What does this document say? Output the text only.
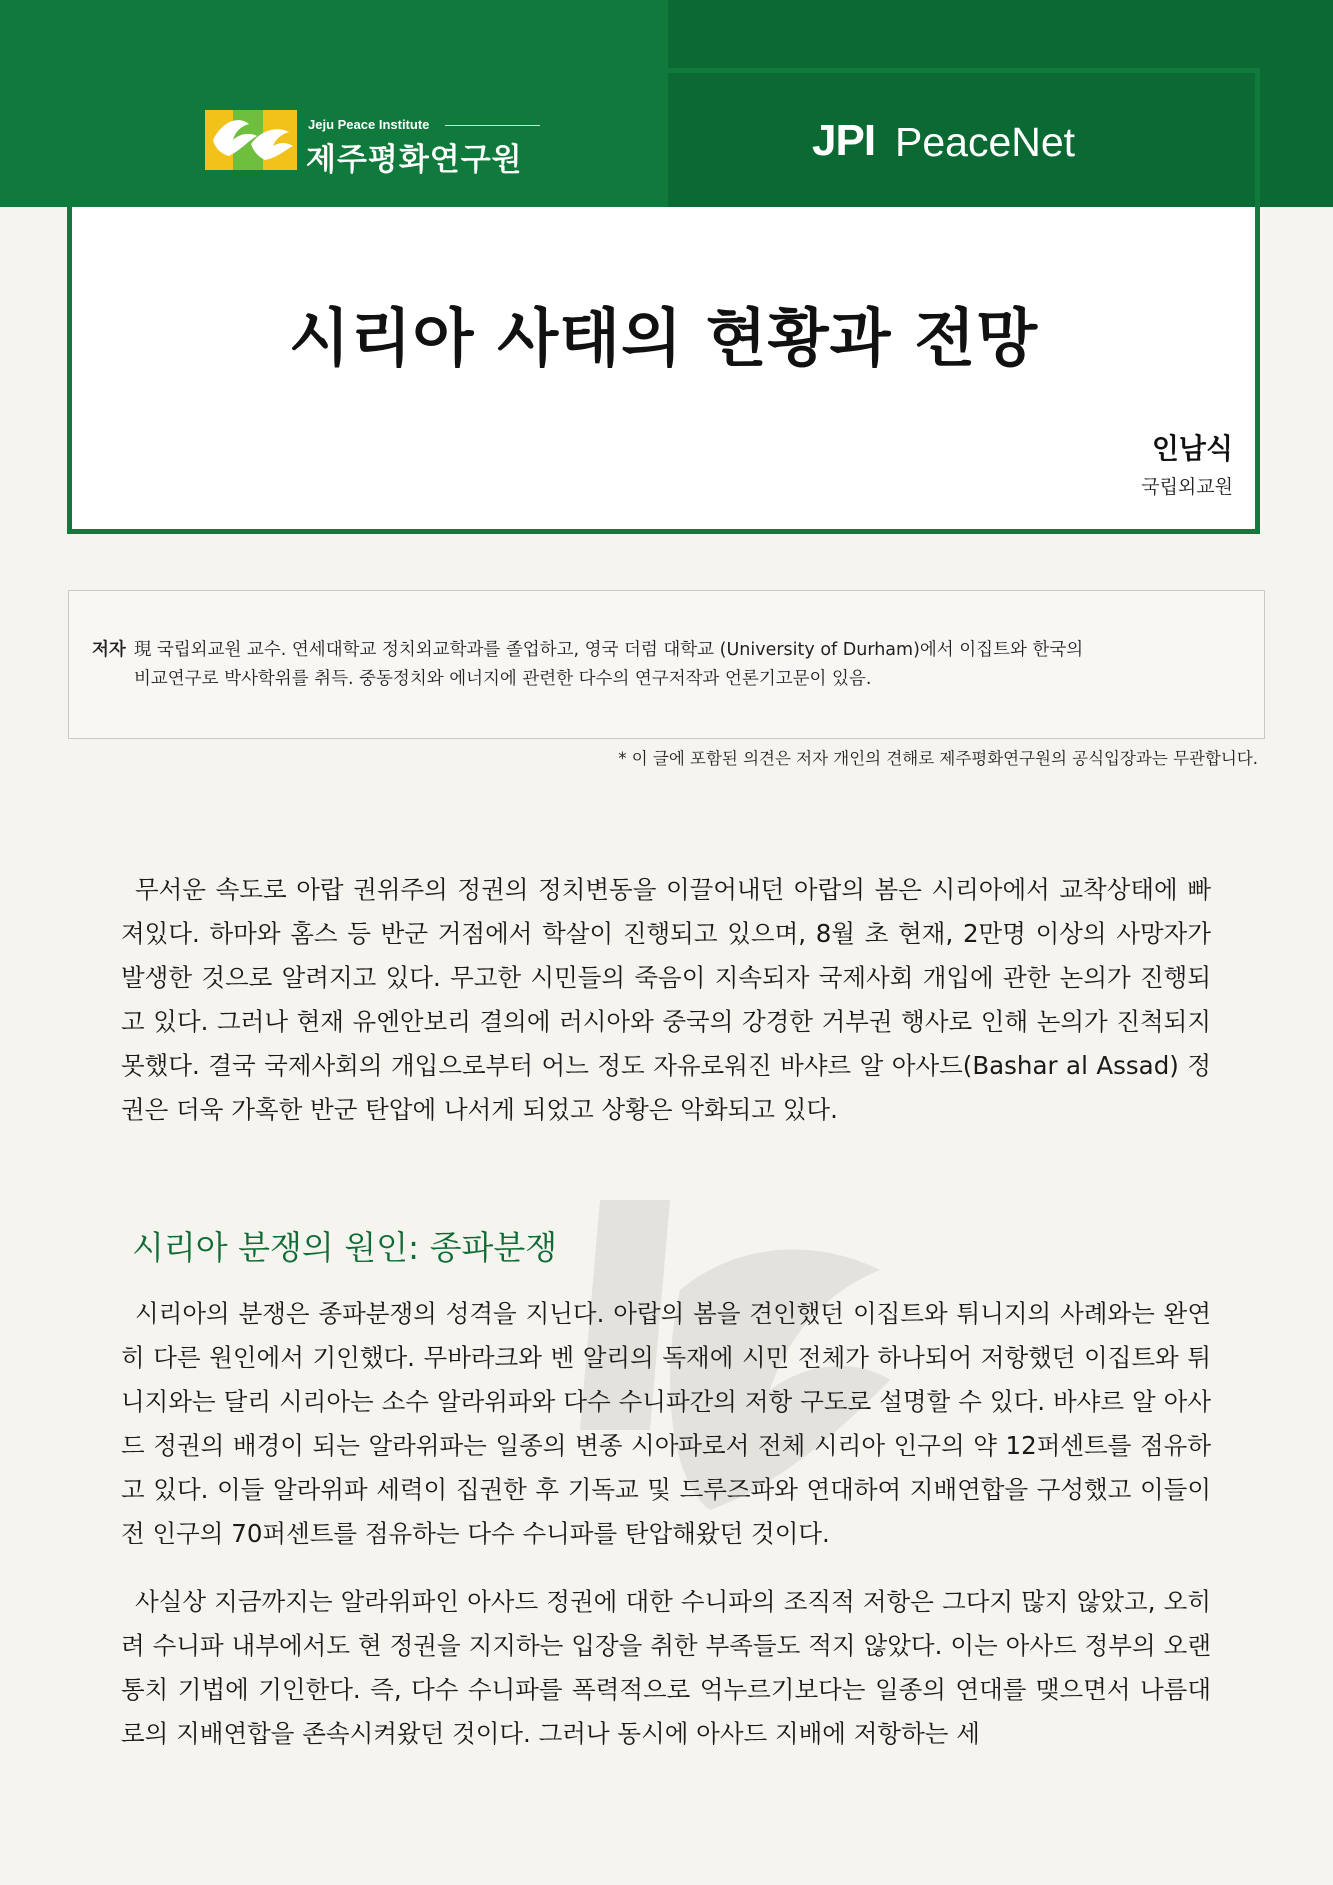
Jeju Peace Institute
제주평화연구원	JPI PeaceNet
시리아 사태의 현황과 전망
인남식
국립외교원
저자 現 국립외교원 교수. 연세대학교 정치외교학과를 졸업하고, 영국 더럼 대학교 (University of Durham)에서 이집트와 한국의
비교연구로 박사학위를 취득. 중동정치와 에너지에 관련한 다수의 연구저작과 언론기고문이 있음.
* 이 글에 포함된 의견은 저자 개인의 견해로 제주평화연구원의 공식입장과는 무관합니다.

무서운 속도로 아랍 권위주의 정권의 정치변동을 이끌어내던 아랍의 봄은 시리아에서 교착상태에 빠져있다. 하마와 홈스 등 반군 거점에서 학살이 진행되고 있으며, 8월 초 현재, 2만명 이상의 사망자가 발생한 것으로 알려지고 있다. 무고한 시민들의 죽음이 지속되자 국제사회 개입에 관한 논의가 진행되고 있다. 그러나 현재 유엔안보리 결의에 러시아와 중국의 강경한 거부권 행사로 인해 논의가 진척되지 못했다. 결국 국제사회의 개입으로부터 어느 정도 자유로워진 바샤르 알 아사드(Bashar al Assad) 정권은 더욱 가혹한 반군 탄압에 나서게 되었고 상황은 악화되고 있다.

시리아 분쟁의 원인: 종파분쟁

시리아의 분쟁은 종파분쟁의 성격을 지닌다. 아랍의 봄을 견인했던 이집트와 튀니지의 사례와는 완연히 다른 원인에서 기인했다. 무바라크와 벤 알리의 독재에 시민 전체가 하나되어 저항했던 이집트와 튀니지와는 달리 시리아는 소수 알라위파와 다수 수니파간의 저항 구도로 설명할 수 있다. 바샤르 알 아사드 정권의 배경이 되는 알라위파는 일종의 변종 시아파로서 전체 시리아 인구의 약 12퍼센트를 점유하고 있다. 이들 알라위파 세력이 집권한 후 기독교 및 드루즈파와 연대하여 지배연합을 구성했고 이들이 전 인구의 70퍼센트를 점유하는 다수 수니파를 탄압해왔던 것이다.

사실상 지금까지는 알라위파인 아사드 정권에 대한 수니파의 조직적 저항은 그다지 많지 않았고, 오히려 수니파 내부에서도 현 정권을 지지하는 입장을 취한 부족들도 적지 않았다. 이는 아사드 정부의 오랜 통치 기법에 기인한다. 즉, 다수 수니파를 폭력적으로 억누르기보다는 일종의 연대를 맺으면서 나름대로의 지배연합을 존속시켜왔던 것이다. 그러나 동시에 아사드 지배에 저항하는 세
